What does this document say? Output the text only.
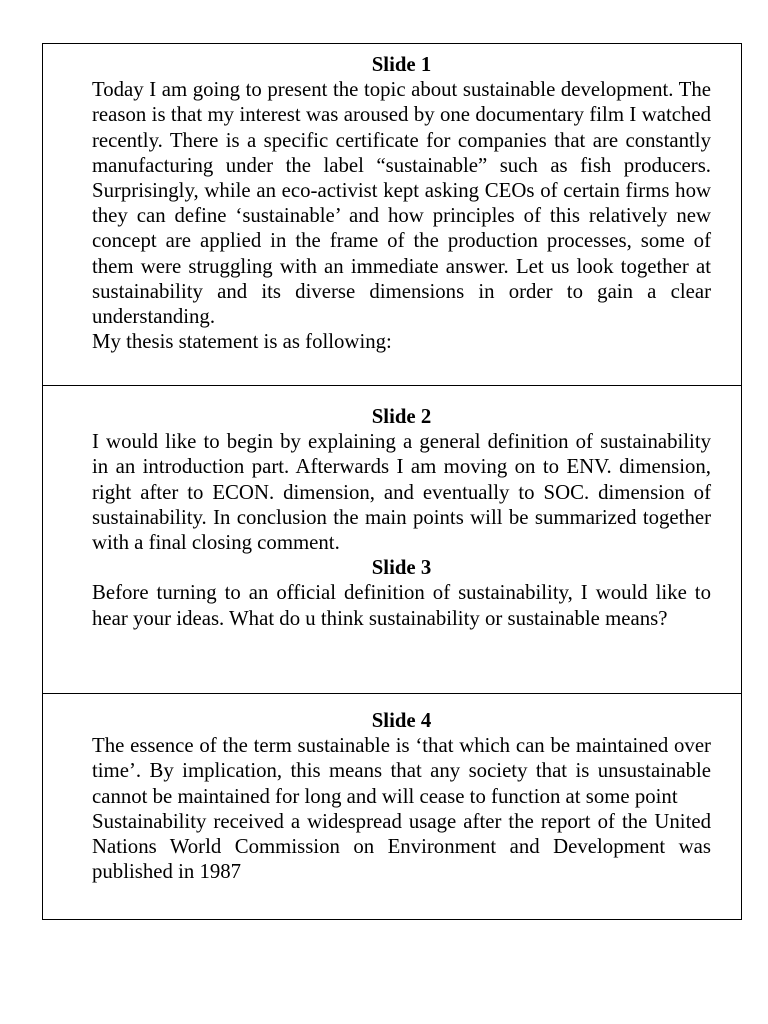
Slide 1

Today I am going to present the topic about sustainable development. The reason is that my interest was aroused by one documentary film I watched recently. There is a specific certificate for companies that are constantly manufacturing under the label “sustainable” such as fish producers. Surprisingly, while an eco-activist kept asking CEOs of certain firms how they can define ‘sustainable’ and how principles of this relatively new concept are applied in the frame of the production processes, some of them were struggling with an immediate answer. Let us look together at sustainability and its diverse dimensions in order to gain a clear understanding.

My thesis statement is as following:

Slide 2

I would like to begin by explaining a general definition of sustainability in an introduction part. Afterwards I am moving on to ENV. dimension, right after to ECON. dimension, and eventually to SOC. dimension of sustainability. In conclusion the main points will be summarized together with a final closing comment.

Slide 3

Before turning to an official definition of sustainability, I would like to hear your ideas. What do u think sustainability or sustainable means?

Slide 4

The essence of the term sustainable is ‘that which can be maintained over time’. By implication, this means that any society that is unsustainable cannot be maintained for long and will cease to function at some point

Sustainability received a widespread usage after the report of the United Nations World Commission on Environment and Development was published in 1987
